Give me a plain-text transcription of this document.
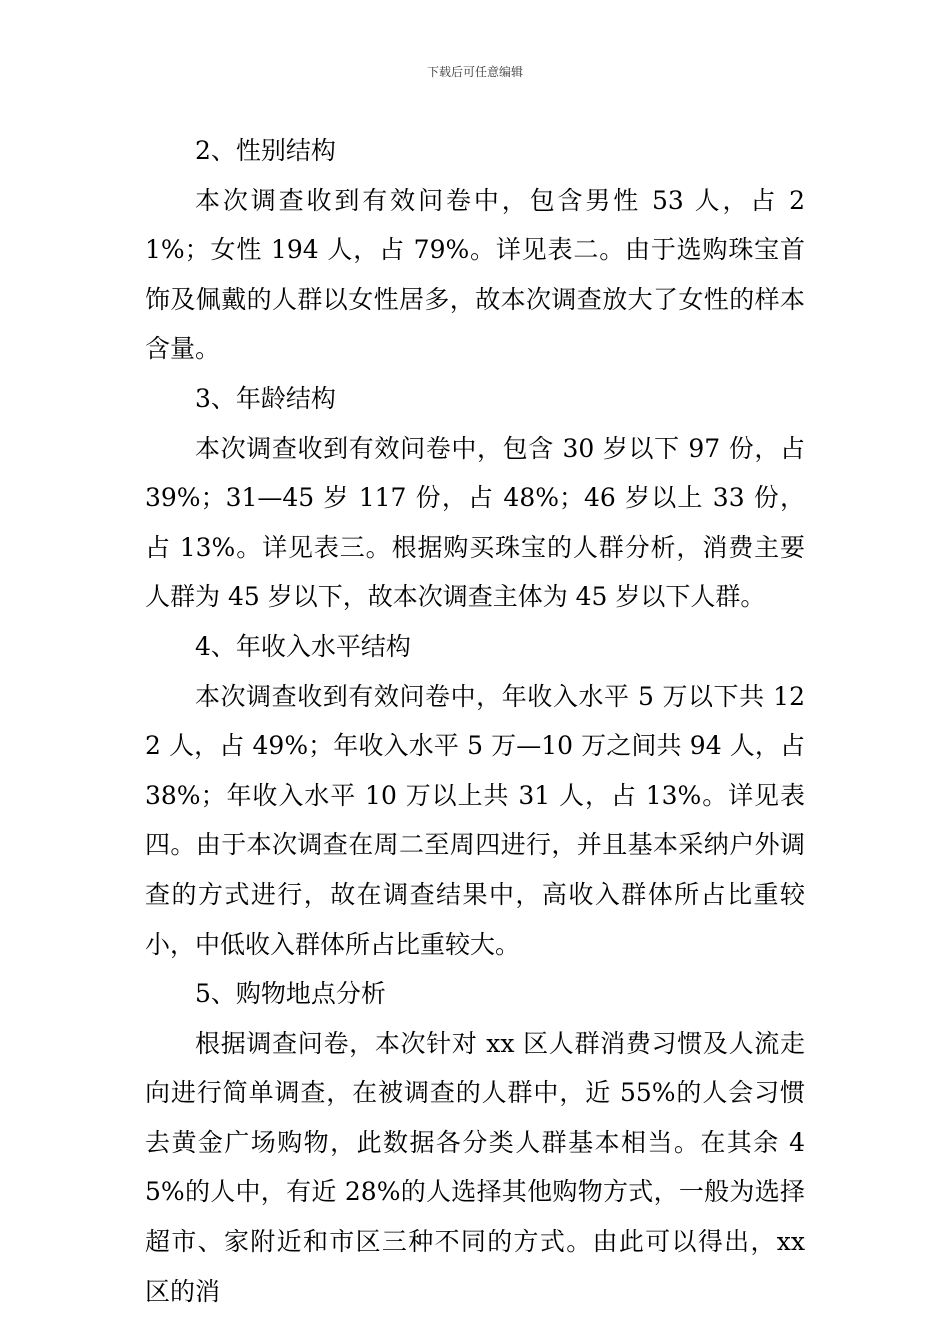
下载后可任意编辑

2、性别结构

本次调查收到有效问卷中，包含男性 53 人，占 21%；女性 194 人，占 79%。详见表二。由于选购珠宝首饰及佩戴的人群以女性居多，故本次调查放大了女性的样本含量。

3、年龄结构

本次调查收到有效问卷中，包含 30 岁以下 97 份，占 39%；31—45 岁 117 份，占 48%；46 岁以上 33 份，占 13%。详见表三。根据购买珠宝的人群分析，消费主要人群为 45 岁以下，故本次调查主体为 45 岁以下人群。

4、年收入水平结构

本次调查收到有效问卷中，年收入水平 5 万以下共 122 人，占 49%；年收入水平 5 万—10 万之间共 94 人，占 38%；年收入水平 10 万以上共 31 人，占 13%。详见表四。由于本次调查在周二至周四进行，并且基本采纳户外调查的方式进行，故在调查结果中，高收入群体所占比重较小，中低收入群体所占比重较大。

5、购物地点分析

根据调查问卷，本次针对 xx 区人群消费习惯及人流走向进行简单调查，在被调查的人群中，近 55%的人会习惯去黄金广场购物，此数据各分类人群基本相当。在其余 45%的人中，有近 28%的人选择其他购物方式，一般为选择超市、家附近和市区三种不同的方式。由此可以得出，xx 区的消
